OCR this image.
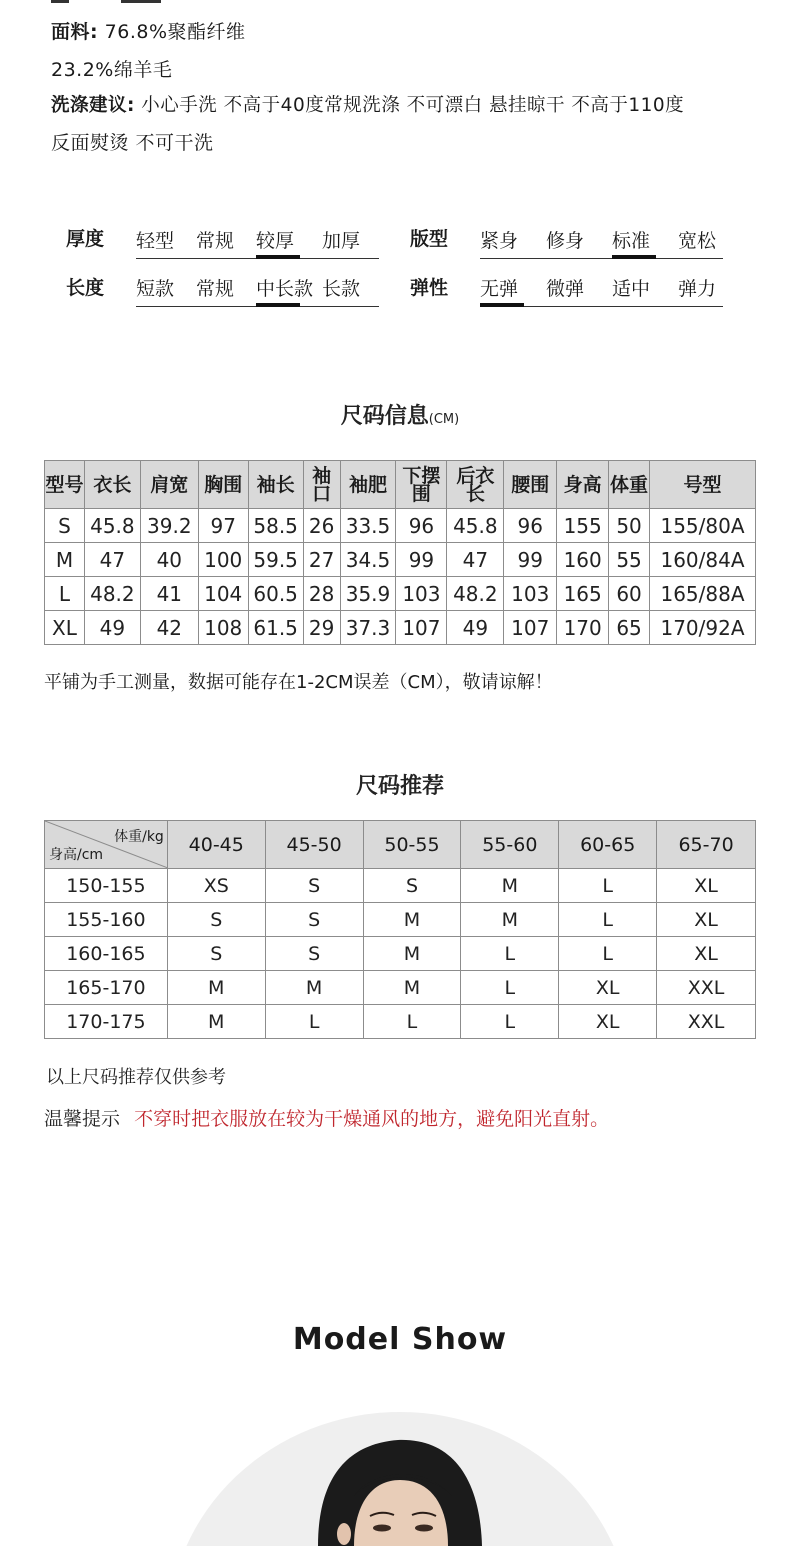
面料: 76.8%聚酯纤维
23.2%绵羊毛
洗涤建议: 小心手洗 不高于40度常规洗涤 不可漂白 悬挂晾干 不高于110度
反面熨烫 不可干洗
厚度 轻型 常规 较厚 加厚	版型 紧身 修身 标准 宽松
长度 短款 常规 中长款 长款	弹性 无弹 微弹 适中 弹力
尺码信息(CM)
型号	衣长	肩宽	胸围	袖长	袖口	袖肥	下摆围	后衣长	腰围	身高	体重	号型
S	45.8	39.2	97	58.5	26	33.5	96	45.8	96	155	50	155/80A
M	47	40	100	59.5	27	34.5	99	47	99	160	55	160/84A
L	48.2	41	104	60.5	28	35.9	103	48.2	103	165	60	165/88A
XL	49	42	108	61.5	29	37.3	107	49	107	170	65	170/92A
平铺为手工测量，数据可能存在1-2CM误差（CM），敬请谅解！
尺码推荐
体重/kg
身高/cm	40-45	45-50	50-55	55-60	60-65	65-70
150-155	XS	S	S	M	L	XL
155-160	S	S	M	M	L	XL
160-165	S	S	M	L	L	XL
165-170	M	M	M	L	XL	XXL
170-175	M	L	L	L	XL	XXL
以上尺码推荐仅供参考
温馨提示 不穿时把衣服放在较为干燥通风的地方，避免阳光直射。
Model Show
